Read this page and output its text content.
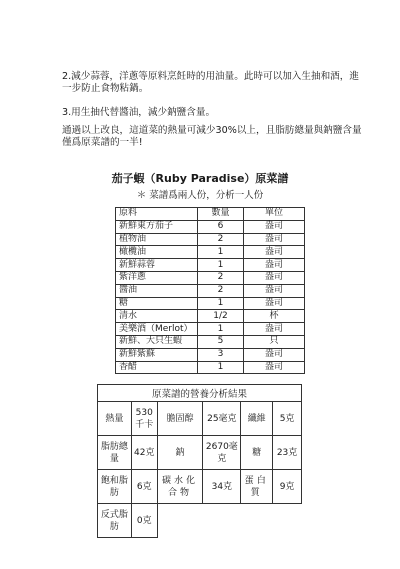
2.減少蒜蓉，洋蔥等原料烹飪時的用油量。此時可以加入生抽和酒，進一步防止食物粘鍋。

3.用生抽代替醬油，減少鈉鹽含量。

通過以上改良，這道菜的熱量可減少30%以上，且脂肪總量與鈉鹽含量僅爲原菜譜的一半!

茄子蝦（Ruby Paradise）原菜譜

＊ 菜譜爲兩人份，分析一人份

原料	數量	單位
新鮮東方茄子	6	盎司
植物油	2	盎司
橄欖油	1	盎司
新鮮蒜蓉	1	盎司
紫洋蔥	2	盎司
醬油	2	盎司
糖	1	盎司
清水	1/2	杯
美樂酒（Merlot）	1	盎司
新鮮、大只生蝦	5	只
新鮮紫蘇	3	盎司
香醋	1	盎司
原菜譜的營養分析結果
熱量	530千卡	膽固醇	25毫克	纖維	5克
脂肪總量	42克	鈉	2670毫克	糖	23克
飽和脂肪	6克	碳水化合物	34克	蛋白質	9克
反式脂肪	0克				
